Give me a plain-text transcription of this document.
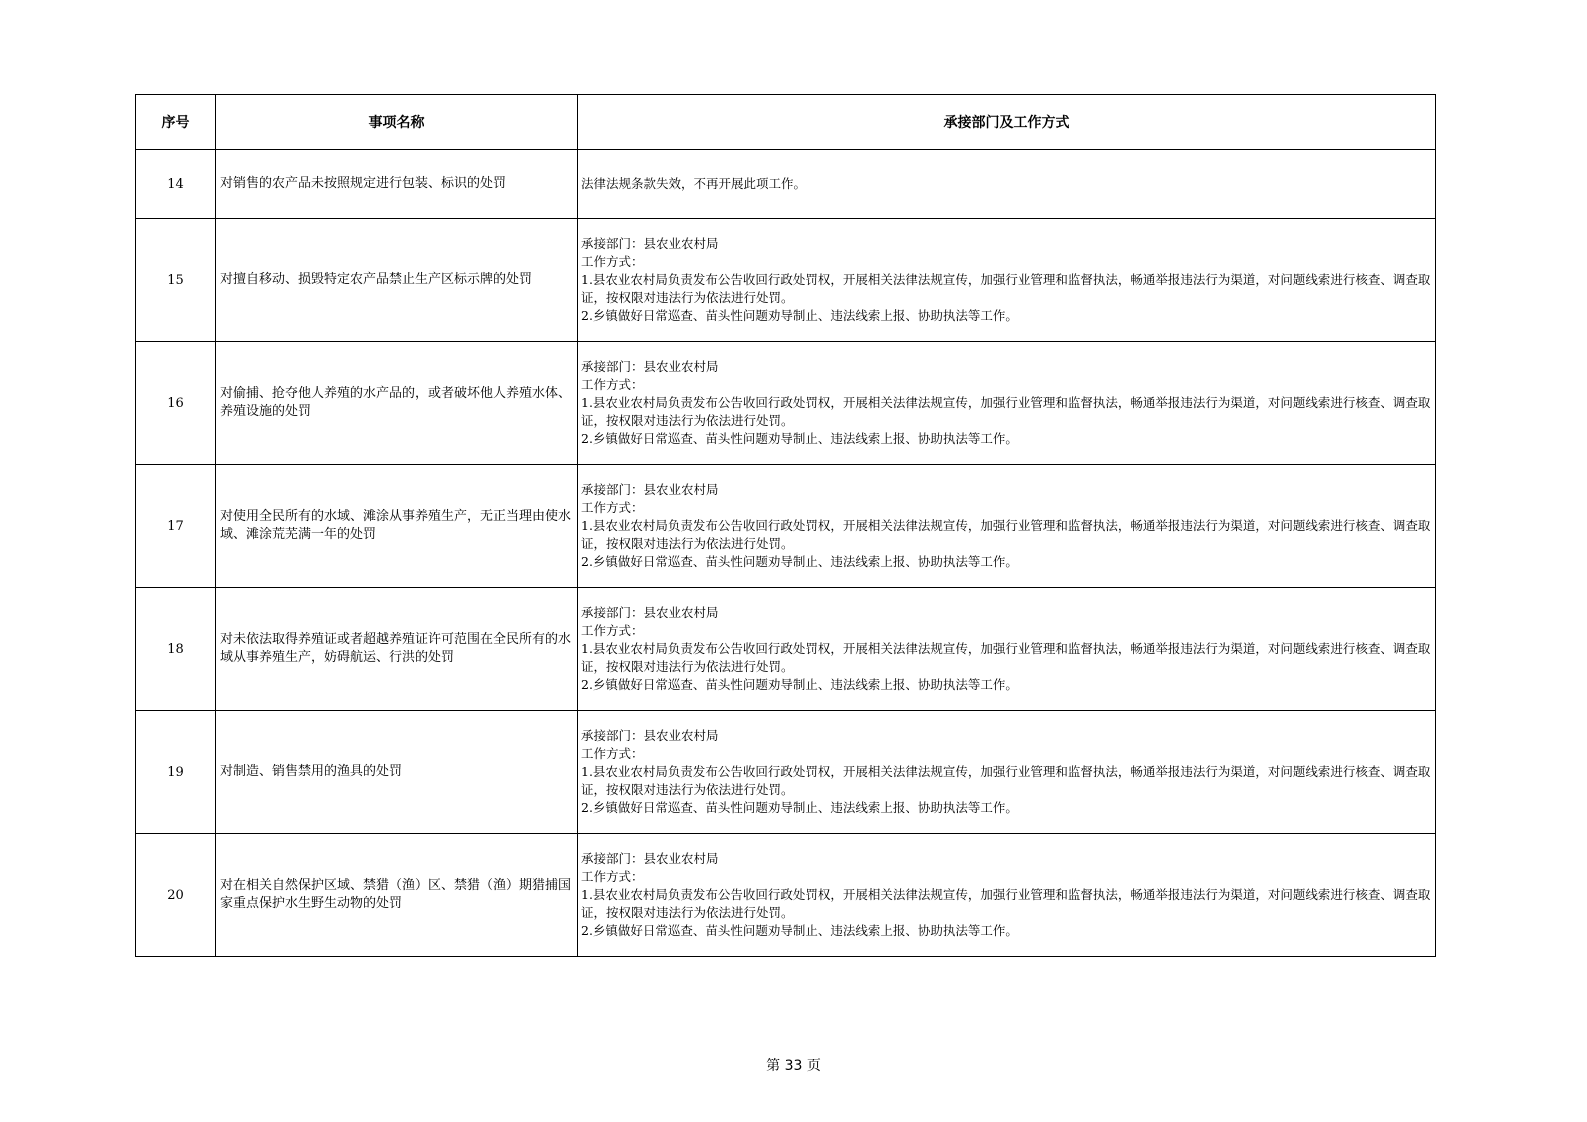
序号	事项名称	承接部门及工作方式
14	对销售的农产品未按照规定进行包装、标识的处罚	法律法规条款失效，不再开展此项工作。

15	对擅自移动、损毁特定农产品禁止生产区标示牌的处罚	承接部门：县农业农村局
工作方式：
1.县农业农村局负责发布公告收回行政处罚权，开展相关法律法规宣传，加强行业管理和监督执法，畅通举报违法行为渠道，对问题线索进行核查、调查取证，按权限对违法行为依法进行处罚。
2.乡镇做好日常巡查、苗头性问题劝导制止、违法线索上报、协助执法等工作。

16	对偷捕、抢夺他人养殖的水产品的，或者破坏他人养殖水体、养殖设施的处罚	承接部门：县农业农村局
工作方式：
1.县农业农村局负责发布公告收回行政处罚权，开展相关法律法规宣传，加强行业管理和监督执法，畅通举报违法行为渠道，对问题线索进行核查、调查取证，按权限对违法行为依法进行处罚。
2.乡镇做好日常巡查、苗头性问题劝导制止、违法线索上报、协助执法等工作。

17	对使用全民所有的水域、滩涂从事养殖生产，无正当理由使水域、滩涂荒芜满一年的处罚	承接部门：县农业农村局
工作方式：
1.县农业农村局负责发布公告收回行政处罚权，开展相关法律法规宣传，加强行业管理和监督执法，畅通举报违法行为渠道，对问题线索进行核查、调查取证，按权限对违法行为依法进行处罚。
2.乡镇做好日常巡查、苗头性问题劝导制止、违法线索上报、协助执法等工作。

18	对未依法取得养殖证或者超越养殖证许可范围在全民所有的水域从事养殖生产，妨碍航运、行洪的处罚	承接部门：县农业农村局
工作方式：
1.县农业农村局负责发布公告收回行政处罚权，开展相关法律法规宣传，加强行业管理和监督执法，畅通举报违法行为渠道，对问题线索进行核查、调查取证，按权限对违法行为依法进行处罚。
2.乡镇做好日常巡查、苗头性问题劝导制止、违法线索上报、协助执法等工作。

19	对制造、销售禁用的渔具的处罚	承接部门：县农业农村局
工作方式：
1.县农业农村局负责发布公告收回行政处罚权，开展相关法律法规宣传，加强行业管理和监督执法，畅通举报违法行为渠道，对问题线索进行核查、调查取证，按权限对违法行为依法进行处罚。
2.乡镇做好日常巡查、苗头性问题劝导制止、违法线索上报、协助执法等工作。

20	对在相关自然保护区域、禁猎（渔）区、禁猎（渔）期猎捕国家重点保护水生野生动物的处罚	承接部门：县农业农村局
工作方式：
1.县农业农村局负责发布公告收回行政处罚权，开展相关法律法规宣传，加强行业管理和监督执法，畅通举报违法行为渠道，对问题线索进行核查、调查取证，按权限对违法行为依法进行处罚。
2.乡镇做好日常巡查、苗头性问题劝导制止、违法线索上报、协助执法等工作。
第 33 页
